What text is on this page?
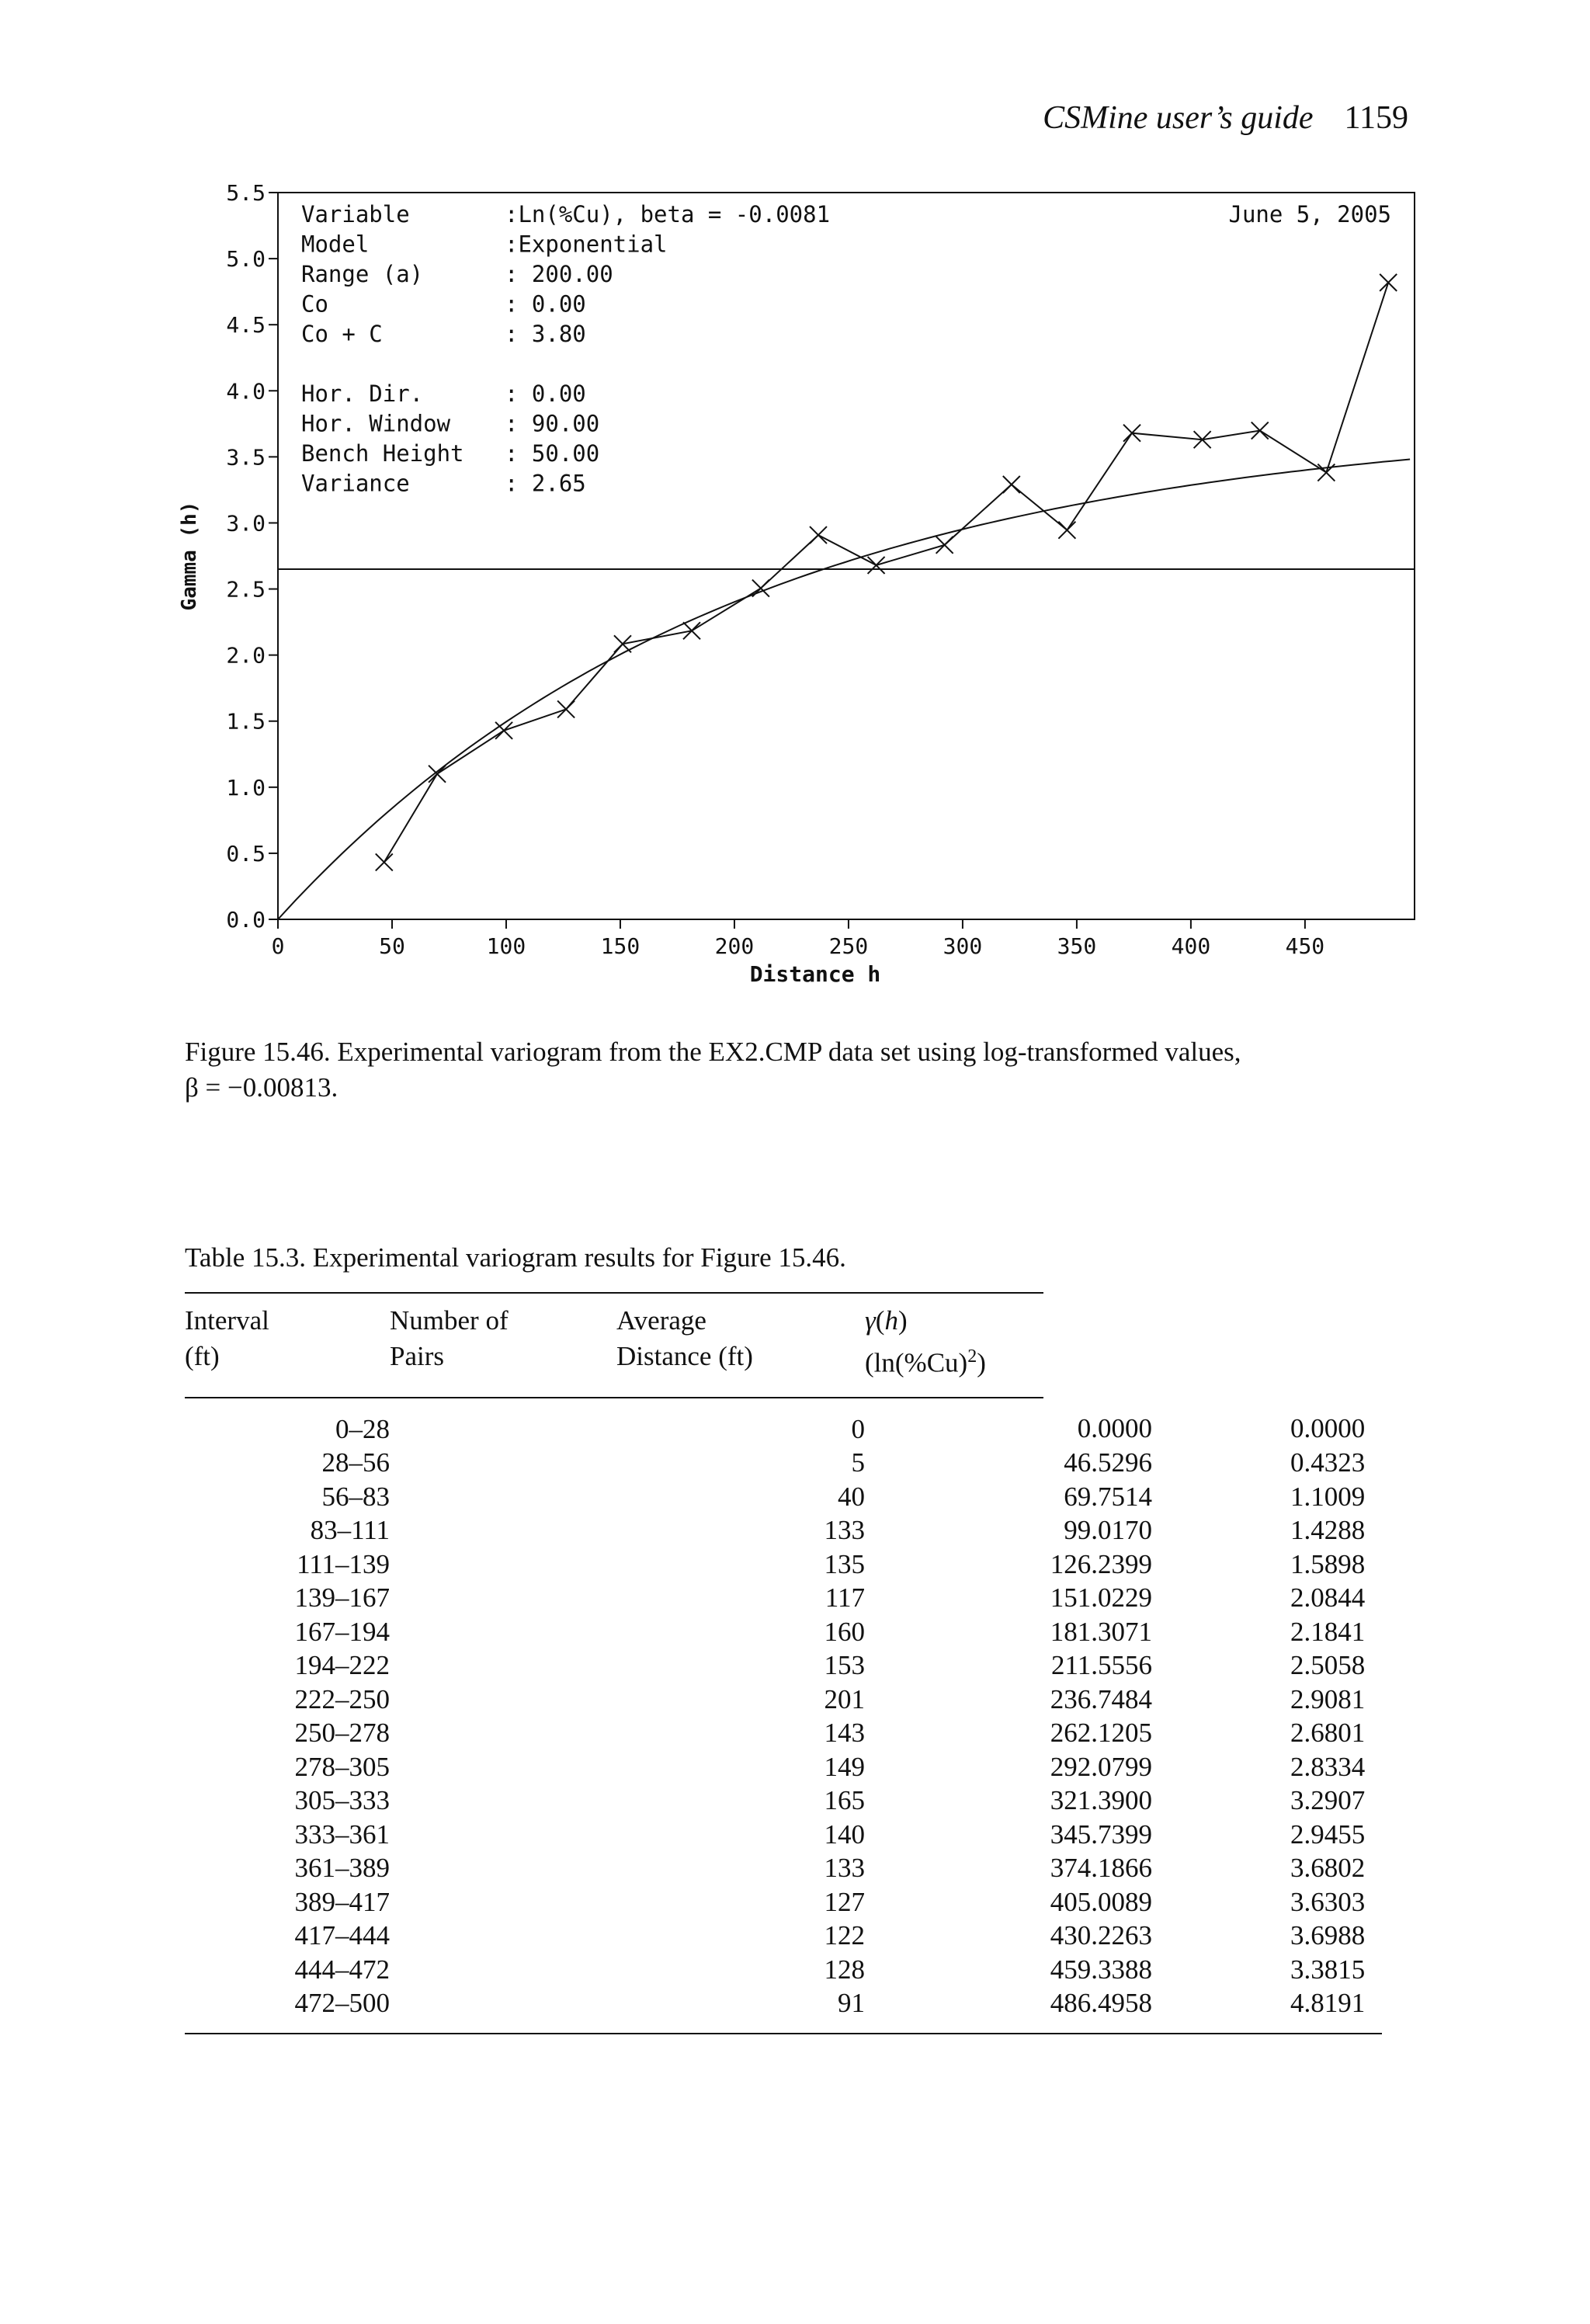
CSMine user’s guide 1159
0.0
0.5
1.0
1.5
2.0
2.5
3.0
3.5
4.0
4.5
5.0
5.5
0	50	100	150	200	250	300	350	400	450
Distance h
Gamma (h)
Variable	:Ln(%Cu), beta = -0.0081
Model	:Exponential
Range (a)	: 200.00
Co	: 0.00
Co + C	: 3.80
Hor. Dir.	: 0.00
Hor. Window : 90.00
Bench Height : 50.00
Variance	: 2.65
June 5, 2005
Figure 15.46. Experimental variogram from the EX2.CMP data set using log-transformed values,
β = −0.00813.
Table 15.3. Experimental variogram results for Figure 15.46.
Interval	Number of	Average	γ(h)			
(ft)	Pairs	Distance (ft)	$(\ln(\%Cu)^2)$			
0–28		0		0.0000		0.0000
28–56		5		46.5296		0.4323
56–83		40		69.7514		1.1009
83–111		133		99.0170		1.4288
111–139		135		126.2399		1.5898
139–167		117		151.0229		2.0844
167–194		160		181.3071		2.1841
194–222		153		211.5556		2.5058
222–250		201		236.7484		2.9081
250–278		143		262.1205		2.6801
278–305		149		292.0799		2.8334
305–333		165		321.3900		3.2907
333–361		140		345.7399		2.9455
361–389		133		374.1866		3.6802
389–417		127		405.0089		3.6303
417–444		122		430.2263		3.6988
444–472		128		459.3388		3.3815
472–500		91		486.4958		4.8191
